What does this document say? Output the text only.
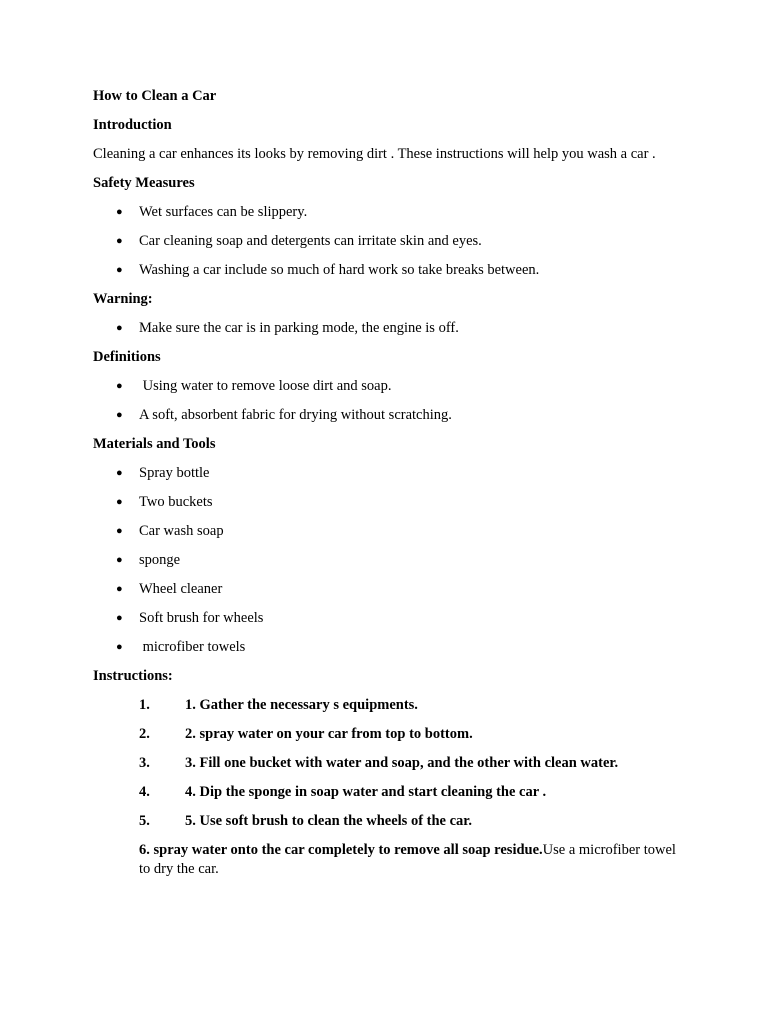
How to Clean a Car
Introduction
Cleaning a car enhances its looks by removing dirt . These instructions will help you wash a car .
Safety Measures
● Wet surfaces can be slippery.
● Car cleaning soap and detergents can irritate skin and eyes.
● Washing a car include so much of hard work so take breaks between.
Warning:
● Make sure the car is in parking mode, the engine is off.
Definitions
● Using water to remove loose dirt and soap.
● A soft, absorbent fabric for drying without scratching.
Materials and Tools
● Spray bottle
● Two buckets
● Car wash soap
● sponge
● Wheel cleaner
● Soft brush for wheels
● microfiber towels
Instructions:
1. 1. Gather the necessary s equipments.
2. 2. spray water on your car from top to bottom.
3. 3. Fill one bucket with water and soap, and the other with clean water.
4. 4. Dip the sponge in soap water and start cleaning the car .
5. 5. Use soft brush to clean the wheels of the car.
6. spray water onto the car completely to remove all soap residue.Use a microfiber towel to dry the car.
